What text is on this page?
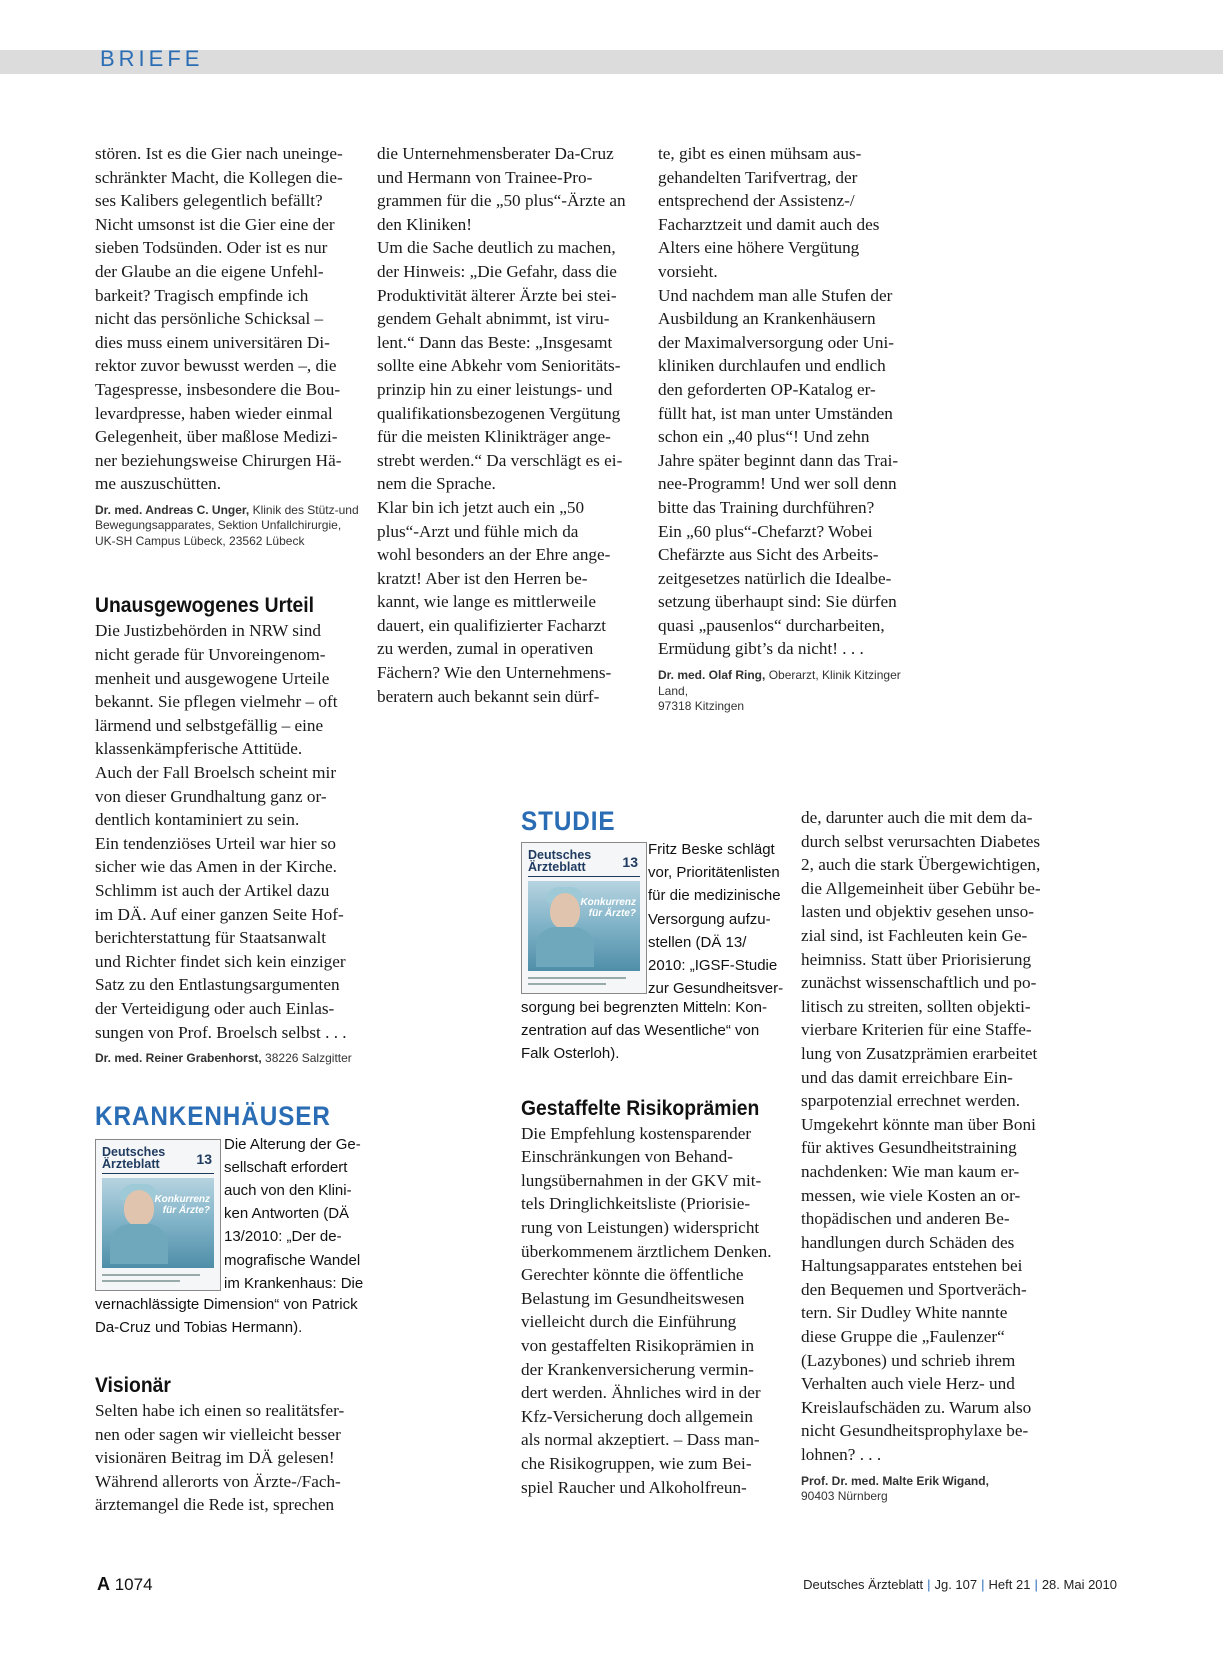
BRIEFE

stören. Ist es die Gier nach uneinge-
schränkter Macht, die Kollegen die-
ses Kalibers gelegentlich befällt?
Nicht umsonst ist die Gier eine der
sieben Todsünden. Oder ist es nur
der Glaube an die eigene Unfehl-
barkeit? Tragisch empfinde ich
nicht das persönliche Schicksal –
dies muss einem universitären Di-
rektor zuvor bewusst werden –, die
Tagespresse, insbesondere die Bou-
levardpresse, haben wieder einmal
Gelegenheit, über maßlose Medizi-
ner beziehungsweise Chirurgen Hä-
me auszuschütten.

Dr. med. Andreas C. Unger, Klinik des Stütz-und
Bewegungsapparates, Sektion Unfallchirurgie,
UK-SH Campus Lübeck, 23562 Lübeck

Unausgewogenes Urteil

Die Justizbehörden in NRW sind
nicht gerade für Unvoreingenom-
menheit und ausgewogene Urteile
bekannt. Sie pflegen vielmehr – oft
lärmend und selbstgefällig – eine
klassenkämpferische Attitüde.
Auch der Fall Broelsch scheint mir
von dieser Grundhaltung ganz or-
dentlich kontaminiert zu sein.
Ein tendenziöses Urteil war hier so
sicher wie das Amen in der Kirche.
Schlimm ist auch der Artikel dazu
im DÄ. Auf einer ganzen Seite Hof-
berichterstattung für Staatsanwalt
und Richter findet sich kein einziger
Satz zu den Entlastungsargumenten
der Verteidigung oder auch Einlas-
sungen von Prof. Broelsch selbst . . .

Dr. med. Reiner Grabenhorst, 38226 Salzgitter

KRANKENHÄUSER

Deutsches
Ärzteblatt	13
Konkurrenz
für Ärzte?

Die Alterung der Ge-
sellschaft erfordert
auch von den Klini-
ken Antworten (DÄ
13/2010: „Der de-
mografische Wandel
im Krankenhaus: Die

vernachlässigte Dimension“ von Patrick
Da-Cruz und Tobias Hermann).

Visionär

Selten habe ich einen so realitätsfer-
nen oder sagen wir vielleicht besser
visionären Beitrag im DÄ gelesen!
Während allerorts von Ärzte-/Fach-
ärztemangel die Rede ist, sprechen

die Unternehmensberater Da-Cruz
und Hermann von Trainee-Pro-
grammen für die „50 plus“-Ärzte an
den Kliniken!
Um die Sache deutlich zu machen,
der Hinweis: „Die Gefahr, dass die
Produktivität älterer Ärzte bei stei-
gendem Gehalt abnimmt, ist viru-
lent.“ Dann das Beste: „Insgesamt
sollte eine Abkehr vom Senioritäts-
prinzip hin zu einer leistungs- und
qualifikationsbezogenen Vergütung
für die meisten Klinikträger ange-
strebt werden.“ Da verschlägt es ei-
nem die Sprache.
Klar bin ich jetzt auch ein „50
plus“-Arzt und fühle mich da
wohl besonders an der Ehre ange-
kratzt! Aber ist den Herren be-
kannt, wie lange es mittlerweile
dauert, ein qualifizierter Facharzt
zu werden, zumal in operativen
Fächern? Wie den Unternehmens-
beratern auch bekannt sein dürf-

te, gibt es einen mühsam aus-
gehandelten Tarifvertrag, der
entsprechend der Assistenz-/
Facharztzeit und damit auch des
Alters eine höhere Vergütung
vorsieht.
Und nachdem man alle Stufen der
Ausbildung an Krankenhäusern
der Maximalversorgung oder Uni-
kliniken durchlaufen und endlich
den geforderten OP-Katalog er-
füllt hat, ist man unter Umständen
schon ein „40 plus“! Und zehn
Jahre später beginnt dann das Trai-
nee-Programm! Und wer soll denn
bitte das Training durchführen?
Ein „60 plus“-Chefarzt? Wobei
Chefärzte aus Sicht des Arbeits-
zeitgesetzes natürlich die Idealbe-
setzung überhaupt sind: Sie dürfen
quasi „pausenlos“ durcharbeiten,
Ermüdung gibt’s da nicht! . . .

Dr. med. Olaf Ring, Oberarzt, Klinik Kitzinger Land,
97318 Kitzingen

STUDIE

Deutsches
Ärzteblatt	13
Konkurrenz
für Ärzte?

Fritz Beske schlägt
vor, Prioritätenlisten
für die medizinische
Versorgung aufzu-
stellen (DÄ 13/
2010: „IGSF-Studie
zur Gesundheitsver-

sorgung bei begrenzten Mitteln: Kon-
zentration auf das Wesentliche“ von
Falk Osterloh).

Gestaffelte Risikoprämien

Die Empfehlung kostensparender
Einschränkungen von Behand-
lungsübernahmen in der GKV mit-
tels Dringlichkeitsliste (Priorisie-
rung von Leistungen) widerspricht
überkommenem ärztlichem Denken.
Gerechter könnte die öffentliche
Belastung im Gesundheitswesen
vielleicht durch die Einführung
von gestaffelten Risikoprämien in
der Krankenversicherung vermin-
dert werden. Ähnliches wird in der
Kfz-Versicherung doch allgemein
als normal akzeptiert. – Dass man-
che Risikogruppen, wie zum Bei-
spiel Raucher und Alkoholfreun-

de, darunter auch die mit dem da-
durch selbst verursachten Diabetes
2, auch die stark Übergewichtigen,
die Allgemeinheit über Gebühr be-
lasten und objektiv gesehen unso-
zial sind, ist Fachleuten kein Ge-
heimniss. Statt über Priorisierung
zunächst wissenschaftlich und po-
litisch zu streiten, sollten objekti-
vierbare Kriterien für eine Staffe-
lung von Zusatzprämien erarbeitet
und das damit erreichbare Ein-
sparpotenzial errechnet werden.
Umgekehrt könnte man über Boni
für aktives Gesundheitstraining
nachdenken: Wie man kaum er-
messen, wie viele Kosten an or-
thopädischen und anderen Be-
handlungen durch Schäden des
Haltungsapparates entstehen bei
den Bequemen und Sportveräch-
tern. Sir Dudley White nannte
diese Gruppe die „Faulenzer“
(Lazybones) und schrieb ihrem
Verhalten auch viele Herz- und
Kreislaufschäden zu. Warum also
nicht Gesundheitsprophylaxe be-
lohnen? . . .

Prof. Dr. med. Malte Erik Wigand,
90403 Nürnberg

A 1074	Deutsches Ärzteblatt | Jg. 107 | Heft 21 | 28. Mai 2010
